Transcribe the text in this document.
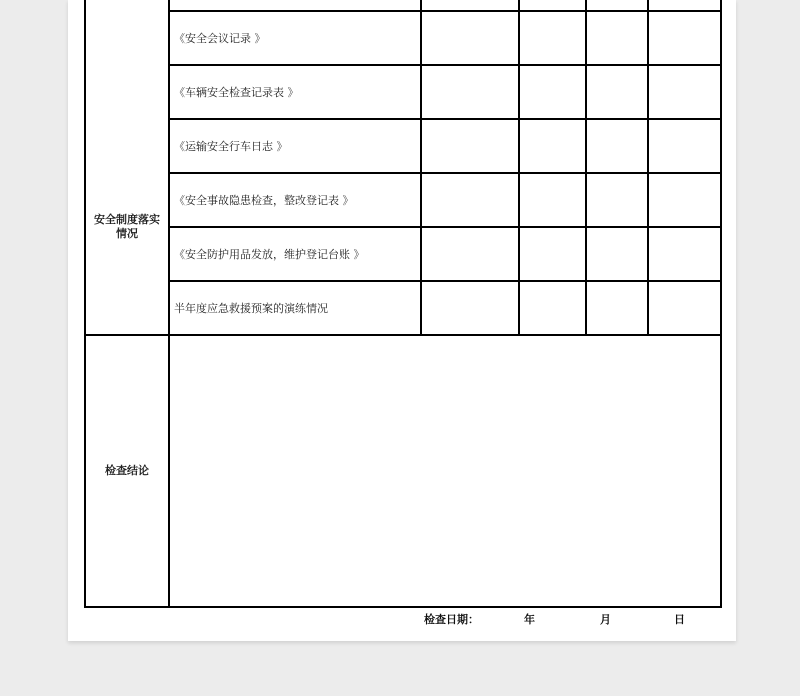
安全制度落实情况					

	《安全会议记录 》				
	《车辆安全检查记录表 》				
	《运输安全行车日志 》				
	《安全事故隐患检查，整改登记表 》				
	《安全防护用品发放，维护登记台账 》				
	半年度应急救援预案的演练情况				
检查结论					
检查日期：	年	月	日
